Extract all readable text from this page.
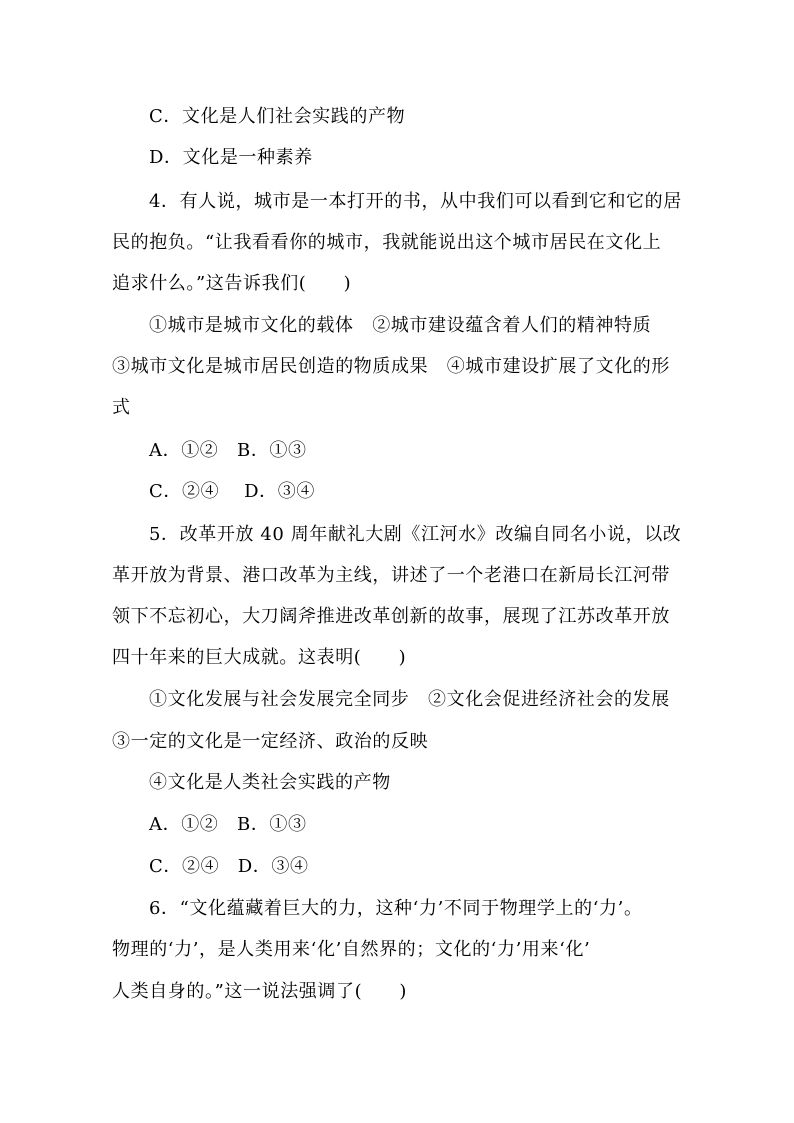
C．文化是人们社会实践的产物
D．文化是一种素养
4．有人说，城市是一本打开的书，从中我们可以看到它和它的居
民的抱负。“让我看看你的城市，我就能说出这个城市居民在文化上
追求什么。”这告诉我们(　　)
①城市是城市文化的载体　②城市建设蕴含着人们的精神特质
③城市文化是城市居民创造的物质成果　④城市建设扩展了文化的形
式
A．①②　B．①③
C．②④　 D．③④
5．改革开放 40 周年献礼大剧《江河水》改编自同名小说，以改
革开放为背景、港口改革为主线，讲述了一个老港口在新局长江河带
领下不忘初心，大刀阔斧推进改革创新的故事，展现了江苏改革开放
四十年来的巨大成就。这表明(　　)
①文化发展与社会发展完全同步　②文化会促进经济社会的发展
③一定的文化是一定经济、政治的反映
④文化是人类社会实践的产物
A．①②　B．①③
C．②④　D．③④
6．“文化蕴藏着巨大的力，这种‘力’不同于物理学上的‘力’。
物理的‘力’，是人类用来‘化’自然界的；文化的‘力’用来‘化’
人类自身的。”这一说法强调了(　　)
